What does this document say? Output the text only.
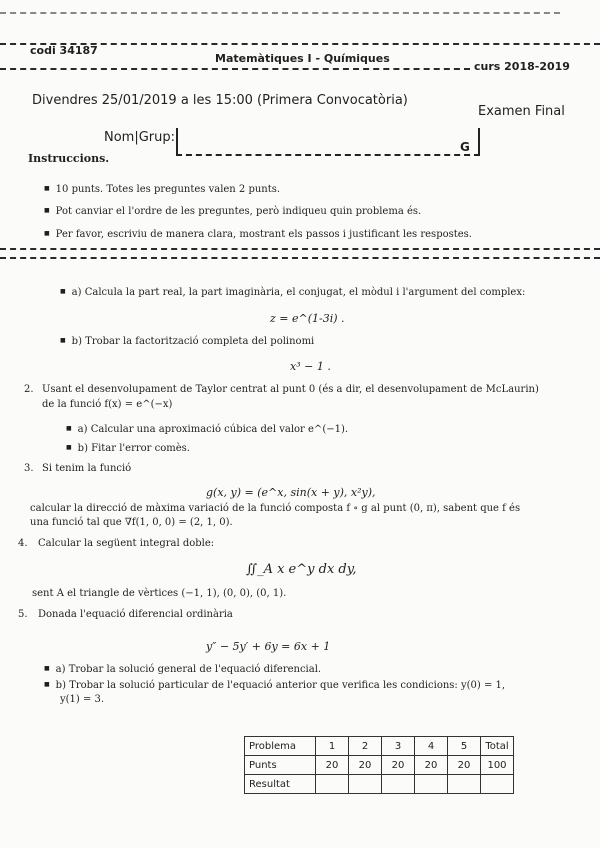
codi 34187
Matemàtiques I - Químiques
curs 2018-2019
Divendres 25/01/2019 a les 15:00 (Primera Convocatòria)
Examen Final
Nom|Grup:
G
Instruccions.
■ 10 punts. Totes les preguntes valen 2 punts.
■ Pot canviar el l'ordre de les preguntes, però indiqueu quin problema és.
■ Per favor, escriviu de manera clara, mostrant els passos i justificant les respostes.
■ a) Calcula la part real, la part imaginària, el conjugat, el mòdul i l'argument del complex:
z = e^(1-3i) .
■ b) Trobar la factorització completa del polinomi
x³ − 1 .
2. Usant el desenvolupament de Taylor centrat al punt 0 (és a dir, el desenvolupament de McLaurin)
de la funció f(x) = e^(−x)
■ a) Calcular una aproximació cúbica del valor e^(−1).
■ b) Fitar l'error comès.
3. Si tenim la funció
g(x, y) = (e^x, sin(x + y), x²y),
calcular la direcció de màxima variació de la funció composta f ∘ g al punt (0, π), sabent que f és
una funció tal que ∇f(1, 0, 0) = (2, 1, 0).
4. Calcular la següent integral doble:
∬_A x e^y dx dy,
sent A el triangle de vèrtices (−1, 1), (0, 0), (0, 1).
5. Donada l'equació diferencial ordinària
y″ − 5y′ + 6y = 6x + 1
■ a) Trobar la solució general de l'equació diferencial.
■ b) Trobar la solució particular de l'equació anterior que verifica les condicions: y(0) = 1,
y(1) = 3.
Problema	1	2	3	4	5	Total
Punts	20	20	20	20	20	100
Resultat						
